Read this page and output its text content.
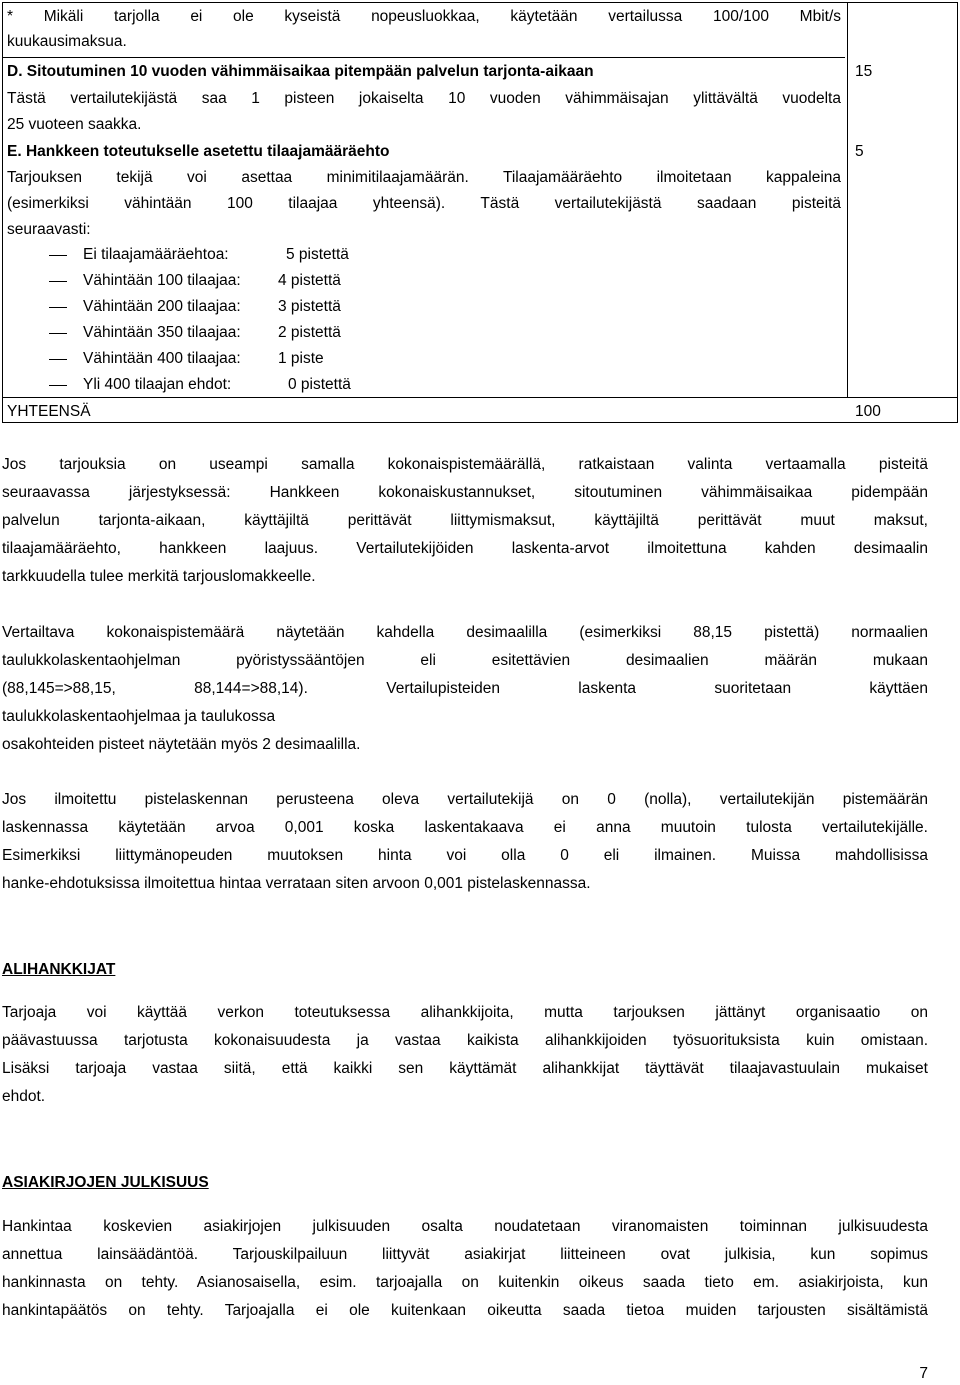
* Mikäli tarjolla ei ole kyseistä nopeusluokkaa, käytetään vertailussa 100/100 Mbit/s
kuukausimaksua.
D. Sitoutuminen 10 vuoden vähimmäisaikaa pitempään palvelun tarjonta-aikaan	15
Tästä vertailutekijästä saa 1 pisteen jokaiselta 10 vuoden vähimmäisajan ylittävältä vuodelta
25 vuoteen saakka.
E. Hankkeen toteutukselle asetettu tilaajamääräehto	5
Tarjouksen tekijä voi asettaa minimitilaajamäärän. Tilaajamääräehto ilmoitetaan kappaleina
(esimerkiksi vähintään 100 tilaajaa yhteensä). Tästä vertailutekijästä saadaan pisteitä
seuraavasti:
Ei tilaajamääräehtoa:	5 pistettä
Vähintään 100 tilaajaa: 4 pistettä
Vähintään 200 tilaajaa: 3 pistettä
Vähintään 350 tilaajaa: 2 pistettä
Vähintään 400 tilaajaa: 1 piste
Yli 400 tilaajan ehdot:	0 pistettä
YHTEENSÄ	100
Jos tarjouksia on useampi samalla kokonaispistemäärällä, ratkaistaan valinta vertaamalla pisteitä
seuraavassa järjestyksessä: Hankkeen kokonaiskustannukset, sitoutuminen vähimmäisaikaa pidempään
palvelun tarjonta-aikaan, käyttäjiltä perittävät liittymismaksut, käyttäjiltä perittävät muut maksut,
tilaajamääräehto, hankkeen laajuus. Vertailutekijöiden laskenta-arvot ilmoitettuna kahden desimaalin
tarkkuudella tulee merkitä tarjouslomakkeelle.
Vertailtava kokonaispistemäärä näytetään kahdella desimaalilla (esimerkiksi 88,15 pistettä) normaalien
taulukkolaskentaohjelman pyöristyssääntöjen eli esitettävien desimaalien määrän mukaan
(88,145=>88,15, 88,144=>88,14). Vertailupisteiden laskenta suoritetaan käyttäen
taulukkolaskentaohjelmaa ja taulukossa
osakohteiden pisteet näytetään myös 2 desimaalilla.
Jos ilmoitettu pistelaskennan perusteena oleva vertailutekijä on 0 (nolla), vertailutekijän pistemäärän
laskennassa käytetään arvoa 0,001 koska laskentakaava ei anna muutoin tulosta vertailutekijälle.
Esimerkiksi liittymänopeuden muutoksen hinta voi olla 0 eli ilmainen. Muissa mahdollisissa
hanke-ehdotuksissa ilmoitettua hintaa verrataan siten arvoon 0,001 pistelaskennassa.
ALIHANKKIJAT
Tarjoaja voi käyttää verkon toteutuksessa alihankkijoita, mutta tarjouksen jättänyt organisaatio on
päävastuussa tarjotusta kokonaisuudesta ja vastaa kaikista alihankkijoiden työsuorituksista kuin omistaan.
Lisäksi tarjoaja vastaa siitä, että kaikki sen käyttämät alihankkijat täyttävät tilaajavastuulain mukaiset
ehdot.
ASIAKIRJOJEN JULKISUUS
Hankintaa koskevien asiakirjojen julkisuuden osalta noudatetaan viranomaisten toiminnan julkisuudesta
annettua lainsäädäntöä. Tarjouskilpailuun liittyvät asiakirjat liitteineen ovat julkisia, kun sopimus
hankinnasta on tehty. Asianosaisella, esim. tarjoajalla on kuitenkin oikeus saada tieto em. asiakirjoista, kun
hankintapäätös on tehty. Tarjoajalla ei ole kuitenkaan oikeutta saada tietoa muiden tarjousten sisältämistä
7
